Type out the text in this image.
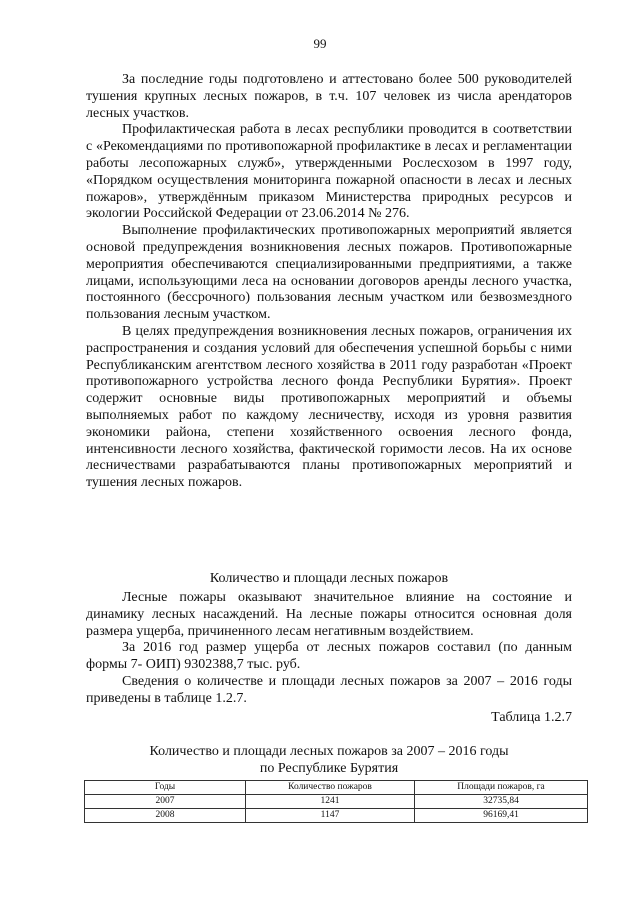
99

За последние годы подготовлено и аттестовано более 500 руководителей тушения крупных лесных пожаров, в т.ч. 107 человек из числа арендаторов лесных участков.

Профилактическая работа в лесах республики проводится в соответствии с «Рекомендациями по противопожарной профилактике в лесах и регламентации работы лесопожарных служб», утвержденными Рослесхозом в 1997 году, «Порядком осуществления мониторинга пожарной опасности в лесах и лесных пожаров», утверждённым приказом Министерства природных ресурсов и экологии Российской Федерации от 23.06.2014 № 276.

Выполнение профилактических противопожарных мероприятий является основой предупреждения возникновения лесных пожаров. Противопожарные мероприятия обеспечиваются специализированными предприятиями, а также лицами, использующими леса на основании договоров аренды лесного участка, постоянного (бессрочного) пользования лесным участком или безвозмездного пользования лесным участком.

В целях предупреждения возникновения лесных пожаров, ограничения их распространения и создания условий для обеспечения успешной борьбы с ними Республиканским агентством лесного хозяйства в 2011 году разработан «Проект противопожарного устройства лесного фонда Республики Бурятия». Проект содержит основные виды противопожарных мероприятий и объемы выполняемых работ по каждому лесничеству, исходя из уровня развития экономики района, степени хозяйственного освоения лесного фонда, интенсивности лесного хозяйства, фактической горимости лесов. На их основе лесничествами разрабатываются планы противопожарных мероприятий и тушения лесных пожаров.

Количество и площади лесных пожаров

Лесные пожары оказывают значительное влияние на состояние и динамику лесных насаждений. На лесные пожары относится основная доля размера ущерба, причиненного лесам негативным воздействием.

За 2016 год размер ущерба от лесных пожаров составил (по данным формы 7- ОИП) 9302388,7 тыс. руб.

Сведения о количестве и площади лесных пожаров за 2007 – 2016 годы приведены в таблице 1.2.7.

Таблица 1.2.7
Количество и площади лесных пожаров за 2007 – 2016 годы
по Республике Бурятия
Годы	Количество пожаров	Площади пожаров, га
2007	1241	32735,84
2008	1147	96169,41
